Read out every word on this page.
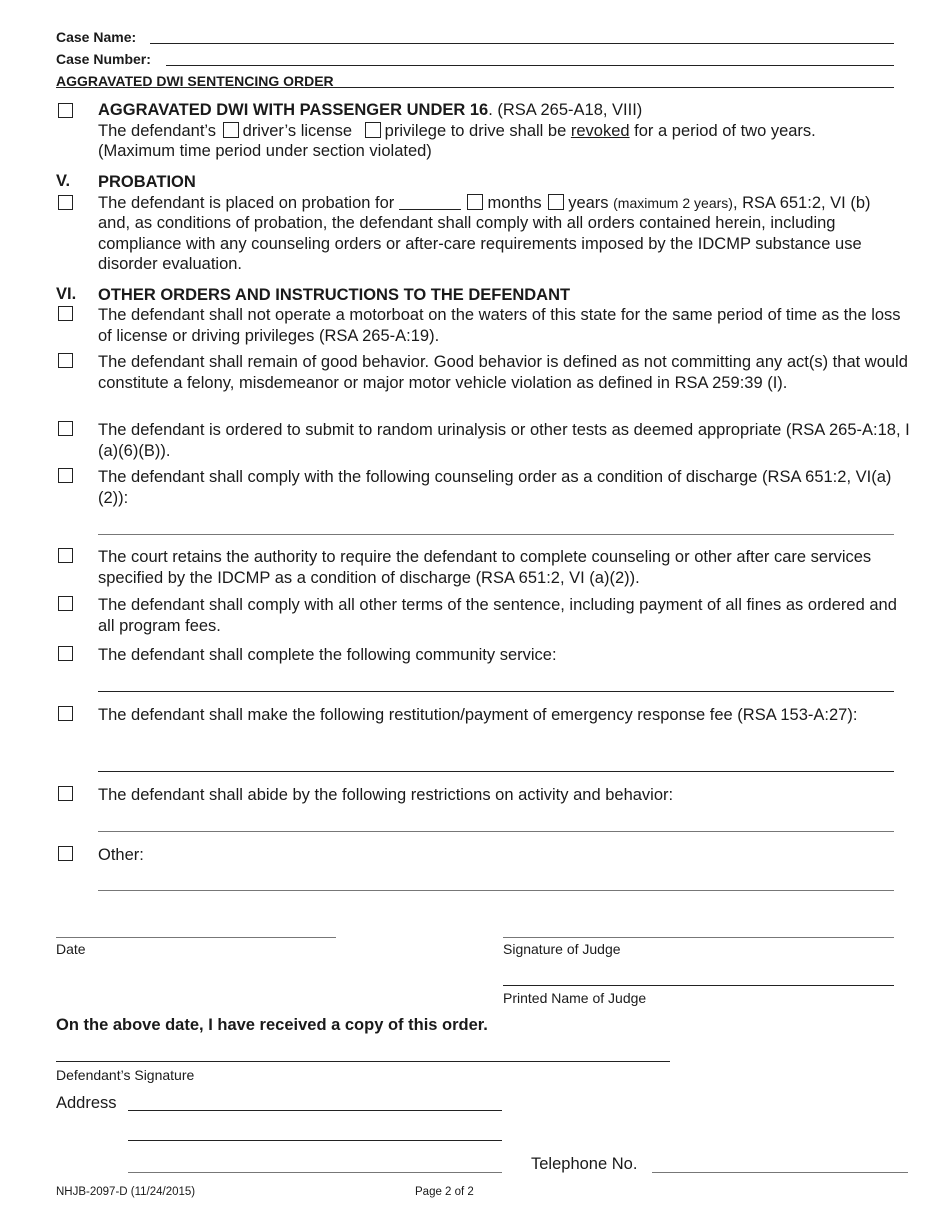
Case Name:
Case Number:
AGGRAVATED DWI SENTENCING ORDER
AGGRAVATED DWI WITH PASSENGER UNDER 16. (RSA 265-A18, VIII)
The defendant’s driver’s license privilege to drive shall be revoked for a period of two years.
(Maximum time period under section violated)
V. PROBATION
The defendant is placed on probation for	months years (maximum 2 years), RSA 651:2, VI (b) and, as conditions of probation, the defendant shall comply with all orders contained herein, including compliance with any counseling orders or after-care requirements imposed by the IDCMP substance use disorder evaluation.
VI. OTHER ORDERS AND INSTRUCTIONS TO THE DEFENDANT
The defendant shall not operate a motorboat on the waters of this state for the same period of time as the loss of license or driving privileges (RSA 265-A:19).
The defendant shall remain of good behavior. Good behavior is defined as not committing any act(s) that would constitute a felony, misdemeanor or major motor vehicle violation as defined in RSA 259:39 (I).
The defendant is ordered to submit to random urinalysis or other tests as deemed appropriate (RSA 265-A:18, I (a)(6)(B)).
The defendant shall comply with the following counseling order as a condition of discharge (RSA 651:2, VI(a)(2)):
The court retains the authority to require the defendant to complete counseling or other after care services specified by the IDCMP as a condition of discharge (RSA 651:2, VI (a)(2)).
The defendant shall comply with all other terms of the sentence, including payment of all fines as ordered and all program fees.
The defendant shall complete the following community service:
The defendant shall make the following restitution/payment of emergency response fee (RSA 153-A:27):
The defendant shall abide by the following restrictions on activity and behavior:
Other:
Date	Signature of Judge
Printed Name of Judge
On the above date, I have received a copy of this order.
Defendant’s Signature
Address
Telephone No.
NHJB-2097-D (11/24/2015)	Page 2 of 2
